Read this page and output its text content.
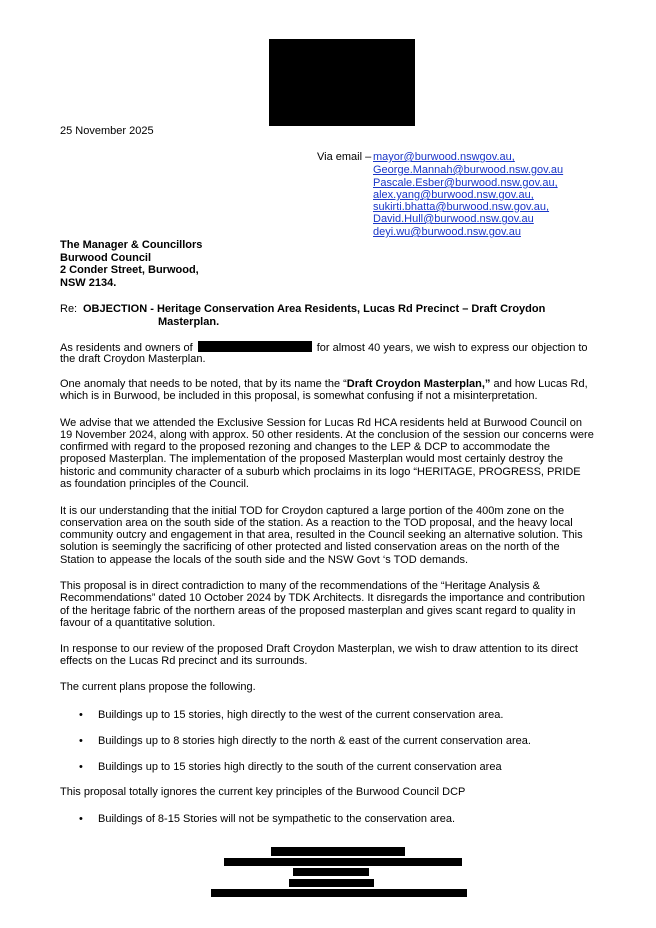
25 November 2025
Via email – mayor@burwood.nswgov.au,
George.Mannah@burwood.nsw.gov.au
Pascale.Esber@burwood.nsw.gov.au,
alex.yang@burwood.nsw.gov.au,
sukirti.bhatta@burwood.nsw.gov.au,
David.Hull@burwood.nsw.gov.au
deyi.wu@burwood.nsw.gov.au
The Manager & Councillors
Burwood Council
2 Conder Street, Burwood,
NSW 2134.
Re: OBJECTION - Heritage Conservation Area Residents, Lucas Rd Precinct – Draft Croydon
Masterplan.
As residents and owners of	for almost 40 years, we wish to express our objection to
the draft Croydon Masterplan.
One anomaly that needs to be noted, that by its name the “Draft Croydon Masterplan,” and how Lucas Rd,
which is in Burwood, be included in this proposal, is somewhat confusing if not a misinterpretation.
We advise that we attended the Exclusive Session for Lucas Rd HCA residents held at Burwood Council on
19 November 2024, along with approx. 50 other residents. At the conclusion of the session our concerns were
confirmed with regard to the proposed rezoning and changes to the LEP & DCP to accommodate the
proposed Masterplan. The implementation of the proposed Masterplan would most certainly destroy the
historic and community character of a suburb which proclaims in its logo “HERITAGE, PROGRESS, PRIDE
as foundation principles of the Council.
It is our understanding that the initial TOD for Croydon captured a large portion of the 400m zone on the
conservation area on the south side of the station. As a reaction to the TOD proposal, and the heavy local
community outcry and engagement in that area, resulted in the Council seeking an alternative solution. This
solution is seemingly the sacrificing of other protected and listed conservation areas on the north of the
Station to appease the locals of the south side and the NSW Govt ‘s TOD demands.
This proposal is in direct contradiction to many of the recommendations of the “Heritage Analysis &
Recommendations” dated 10 October 2024 by TDK Architects. It disregards the importance and contribution
of the heritage fabric of the northern areas of the proposed masterplan and gives scant regard to quality in
favour of a quantitative solution.
In response to our review of the proposed Draft Croydon Masterplan, we wish to draw attention to its direct
effects on the Lucas Rd precinct and its surrounds.
The current plans propose the following.
• Buildings up to 15 stories, high directly to the west of the current conservation area.
• Buildings up to 8 stories high directly to the north & east of the current conservation area.
• Buildings up to 15 stories high directly to the south of the current conservation area
This proposal totally ignores the current key principles of the Burwood Council DCP
• Buildings of 8-15 Stories will not be sympathetic to the conservation area.
